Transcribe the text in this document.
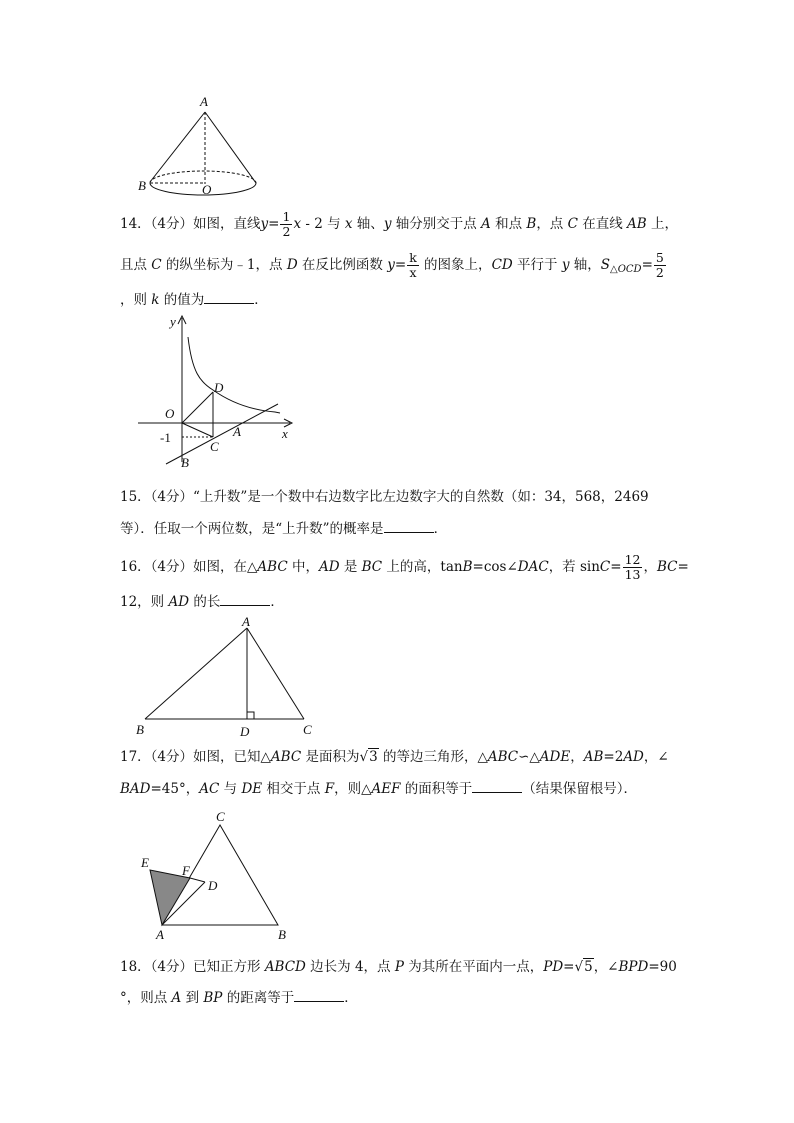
A
B	O
14．（4分）如图，直线$y= \frac{1}{2}$ x - 2 与 x 轴、y 轴分别交于点 A 和点 B，点 C 在直线 AB 上，
且点 C 的纵坐标为﹣1，点 D 在反比例函数 $y= \frac{k}{x}$ 的图象上，CD 平行于 y 轴，$S_{\triangle OCD}= \frac{5}{2}$
，则 k 的值为	．
y
x
O
D
-1	A
C
B
15．（4分）“上升数”是一个数中右边数字比左边数字大的自然数（如：34，568，2469
等）．任取一个两位数，是“上升数”的概率是	．
16．（4分）如图，在△ABC 中，AD 是 BC 上的高，tanB=cos∠DAC，若 $\sin C= \frac{12}{13}$ ，BC=
12，则 AD 的长	．
A
B	D	C
17．（4分）如图，已知△ABC 是面积为√3 的等边三角形，△ABC∽△ADE，AB=2AD，∠
BAD=45°，AC 与 DE 相交于点 F，则△AEF 的面积等于	（结果保留根号）．
C
E
F
D
A	B
18．（4分）已知正方形 ABCD 边长为 4，点 P 为其所在平面内一点，PD=√5，∠BPD=90
°，则点 A 到 BP 的距离等于	．
